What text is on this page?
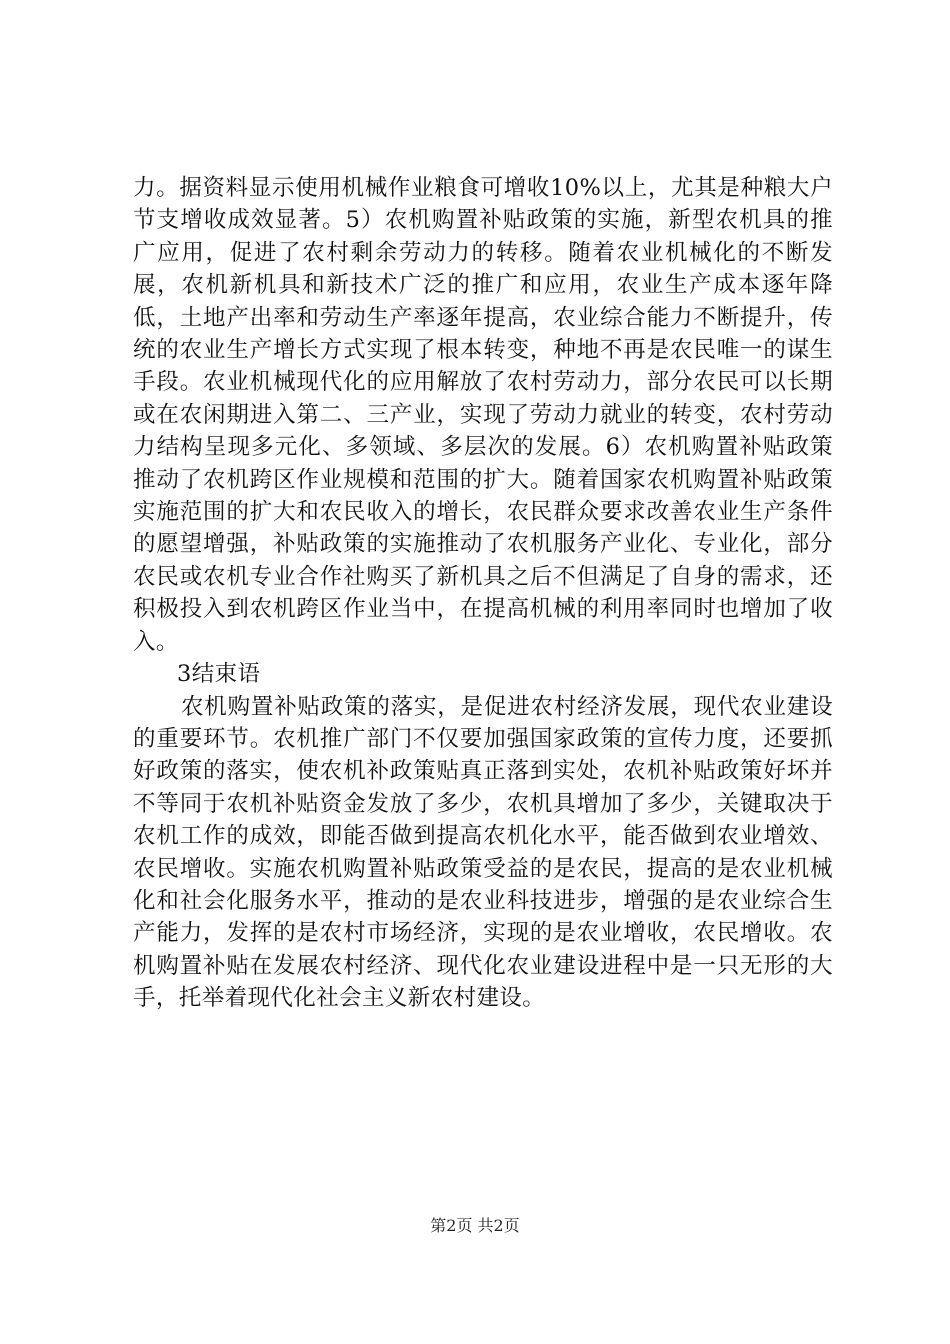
力。据资料显示使用机械作业粮食可增收10%以上，尤其是种粮大户节支增收成效显著。5）农机购置补贴政策的实施，新型农机具的推广应用，促进了农村剩余劳动力的转移。随着农业机械化的不断发展，农机新机具和新技术广泛的推广和应用，农业生产成本逐年降低，土地产出率和劳动生产率逐年提高，农业综合能力不断提升，传统的农业生产增长方式实现了根本转变，种地不再是农民唯一的谋生手段。农业机械现代化的应用解放了农村劳动力，部分农民可以长期或在农闲期进入第二、三产业，实现了劳动力就业的转变，农村劳动力结构呈现多元化、多领域、多层次的发展。6）农机购置补贴政策推动了农机跨区作业规模和范围的扩大。随着国家农机购置补贴政策实施范围的扩大和农民收入的增长，农民群众要求改善农业生产条件的愿望增强，补贴政策的实施推动了农机服务产业化、专业化，部分农民或农机专业合作社购买了新机具之后不但满足了自身的需求，还积极投入到农机跨区作业当中，在提高机械的利用率同时也增加了收入。

3结束语

农机购置补贴政策的落实，是促进农村经济发展，现代农业建设的重要环节。农机推广部门不仅要加强国家政策的宣传力度，还要抓好政策的落实，使农机补政策贴真正落到实处，农机补贴政策好坏并不等同于农机补贴资金发放了多少，农机具增加了多少，关键取决于农机工作的成效，即能否做到提高农机化水平，能否做到农业增效、农民增收。实施农机购置补贴政策受益的是农民，提高的是农业机械化和社会化服务水平，推动的是农业科技进步，增强的是农业综合生产能力，发挥的是农村市场经济，实现的是农业增收，农民增收。农机购置补贴在发展农村经济、现代化农业建设进程中是一只无形的大手，托举着现代化社会主义新农村建设。

第2页 共2页
